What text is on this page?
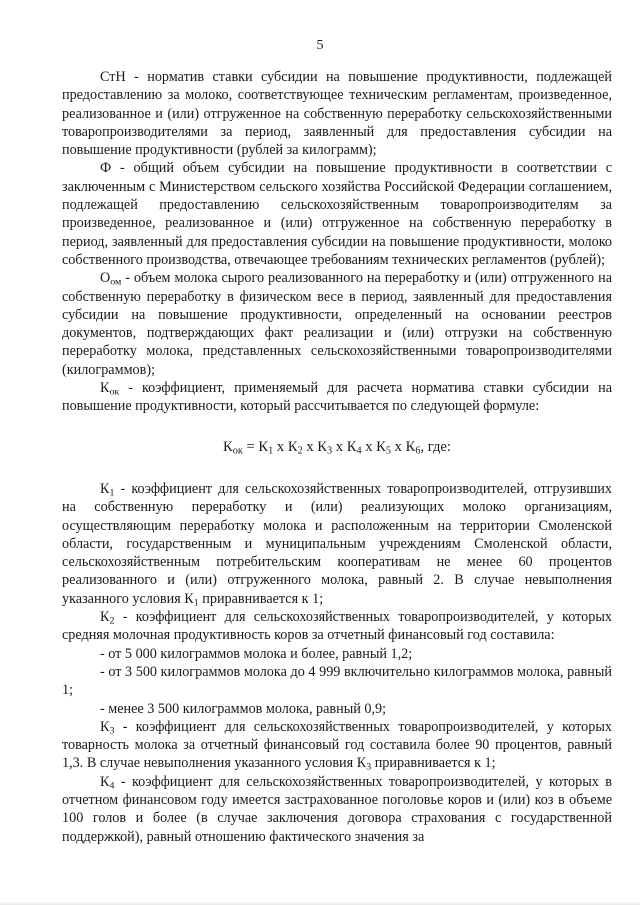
5

СтН - норматив ставки субсидии на повышение продуктивности, подлежащей предоставлению за молоко, соответствующее техническим регламентам, произведенное, реализованное и (или) отгруженное на собственную переработку сельскохозяйственными товаропроизводителями за период, заявленный для предоставления субсидии на повышение продуктивности (рублей за килограмм);

Ф - общий объем субсидии на повышение продуктивности в соответствии с заключенным с Министерством сельского хозяйства Российской Федерации соглашением, подлежащей предоставлению сельскохозяйственным товаропроизводителям за произведенное, реализованное и (или) отгруженное на собственную переработку в период, заявленный для предоставления субсидии на повышение продуктивности, молоко собственного производства, отвечающее требованиям технических регламентов (рублей);

$О_{ом}$ - объем молока сырого реализованного на переработку и (или) отгруженного на собственную переработку в физическом весе в период, заявленный для предоставления субсидии на повышение продуктивности, определенный на основании реестров документов, подтверждающих факт реализации и (или) отгрузки на собственную переработку молока, представленных сельскохозяйственными товаропроизводителями (килограммов);

$К_{ок}$ - коэффициент, применяемый для расчета норматива ставки субсидии на повышение продуктивности, который рассчитывается по следующей формуле:

$К_{ок} = К_1$ x $К_2$ x $К_3$ x $К_4$ x $К_5$ x $К_6$, где:

$К_1$ - коэффициент для сельскохозяйственных товаропроизводителей, отгрузивших на собственную переработку и (или) реализующих молоко организациям, осуществляющим переработку молока и расположенным на территории Смоленской области, государственным и муниципальным учреждениям Смоленской области, сельскохозяйственным потребительским кооперативам не менее 60 процентов реализованного и (или) отгруженного молока, равный 2. В случае невыполнения указанного условия $К_1$ приравнивается к 1;

$К_2$ - коэффициент для сельскохозяйственных товаропроизводителей, у которых средняя молочная продуктивность коров за отчетный финансовый год составила:

- от 5 000 килограммов молока и более, равный 1,2;

- от 3 500 килограммов молока до 4 999 включительно килограммов молока, равный 1;

- менее 3 500 килограммов молока, равный 0,9;

$К_3$ - коэффициент для сельскохозяйственных товаропроизводителей, у которых товарность молока за отчетный финансовый год составила более 90 процентов, равный 1,3. В случае невыполнения указанного условия $К_3$ приравнивается к 1;

$К_4$ - коэффициент для сельскохозяйственных товаропроизводителей, у которых в отчетном финансовом году имеется застрахованное поголовье коров и (или) коз в объеме 100 голов и более (в случае заключения договора страхования с государственной поддержкой), равный отношению фактического значения за
